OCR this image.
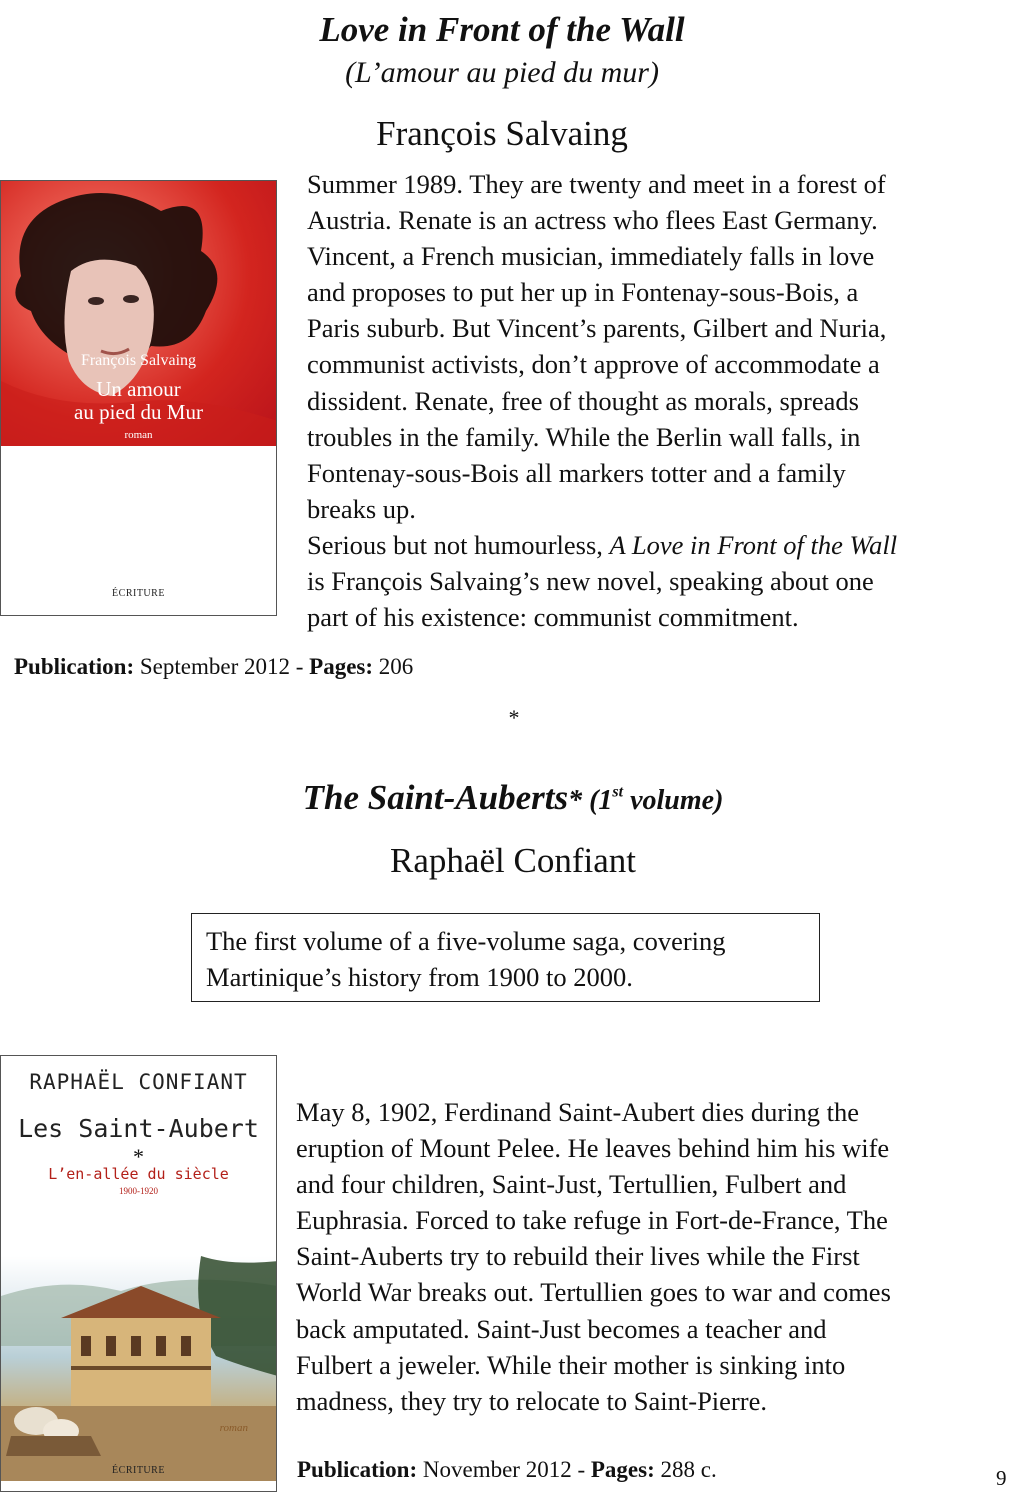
Love in Front of the Wall
(L’amour au pied du mur)
François Salvaing
François Salvaing
Un amour
au pied du Mur
roman
ÉCRITURE
Summer 1989. They are twenty and meet in a forest of
Austria. Renate is an actress who flees East Germany.
Vincent, a French musician, immediately falls in love
and proposes to put her up in Fontenay-sous-Bois, a
Paris suburb. But Vincent’s parents, Gilbert and Nuria,
communist activists, don’t approve of accommodate a
dissident. Renate, free of thought as morals, spreads
troubles in the family. While the Berlin wall falls, in
Fontenay-sous-Bois all markers totter and a family
breaks up.
Serious but not humourless, A Love in Front of the Wall
is François Salvaing’s new novel, speaking about one
part of his existence: communist commitment.
Publication: September 2012 - Pages: 206
*
The Saint-Auberts* (1st volume)
Raphaël Confiant
The first volume of a five-volume saga, covering
Martinique’s history from 1900 to 2000.
RAPHAËL CONFIANT
Les Saint-Aubert
*
L’en-allée du siècle
1900-1920
roman
ÉCRITURE
May 8, 1902, Ferdinand Saint-Aubert dies during the
eruption of Mount Pelee. He leaves behind him his wife
and four children, Saint-Just, Tertullien, Fulbert and
Euphrasia. Forced to take refuge in Fort-de-France, The
Saint-Auberts try to rebuild their lives while the First
World War breaks out. Tertullien goes to war and comes
back amputated. Saint-Just becomes a teacher and
Fulbert a jeweler. While their mother is sinking into
madness, they try to relocate to Saint-Pierre.
Publication: November 2012 - Pages: 288 c.	9
